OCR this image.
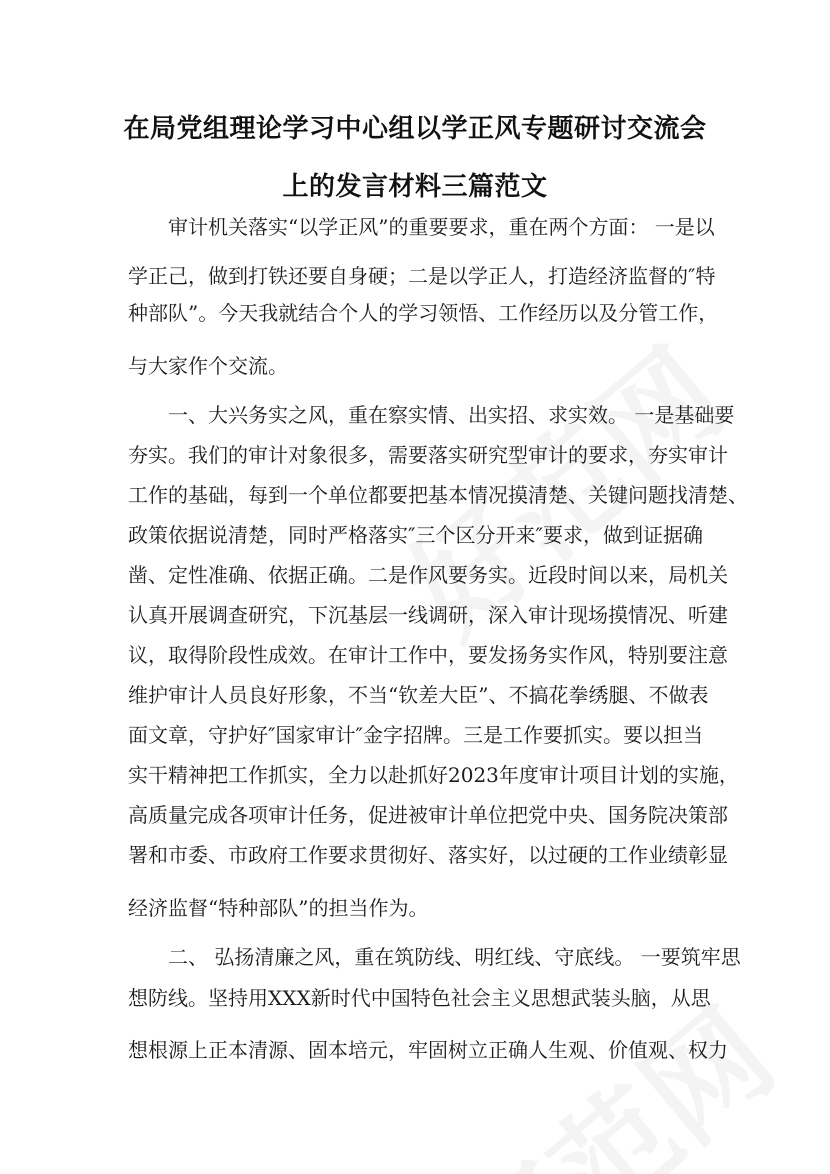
在局党组理论学习中心组以学正风专题研讨交流会
上的发言材料三篇范文
审计机关落实“以学正风”的重要要求，重在两个方面： 一是以
学正己，做到打铁还要自身硬；二是以学正人，打造经济监督的″特
种部队”。今天我就结合个人的学习领悟、工作经历以及分管工作，
与大家作个交流。
一、大兴务实之风，重在察实情、出实招、求实效。 一是基础要
夯实。我们的审计对象很多，需要落实研究型审计的要求，夯实审计
工作的基础，每到一个单位都要把基本情况摸清楚、关键问题找清楚、
政策依据说清楚，同时严格落实″三个区分开来″要求，做到证据确
凿、定性准确、依据正确。二是作风要务实。近段时间以来，局机关
认真开展调查研究，下沉基层一线调研，深入审计现场摸情况、听建
议，取得阶段性成效。在审计工作中，要发扬务实作风，特别要注意
维护审计人员良好形象，不当“钦差大臣”、不搞花拳绣腿、不做表
面文章，守护好″国家审计″金字招牌。三是工作要抓实。要以担当
实干精神把工作抓实，全力以赴抓好2023年度审计项目计划的实施，
高质量完成各项审计任务，促进被审计单位把党中央、国务院决策部
署和市委、市政府工作要求贯彻好、落实好，以过硬的工作业绩彰显
经济监督“特种部队”的担当作为。
二、 弘扬清廉之风，重在筑防线、明红线、守底线。 一要筑牢思
想防线。坚持用XXX新时代中国特色社会主义思想武装头脑，从思
想根源上正本清源、固本培元，牢固树立正确人生观、价值观、权力
